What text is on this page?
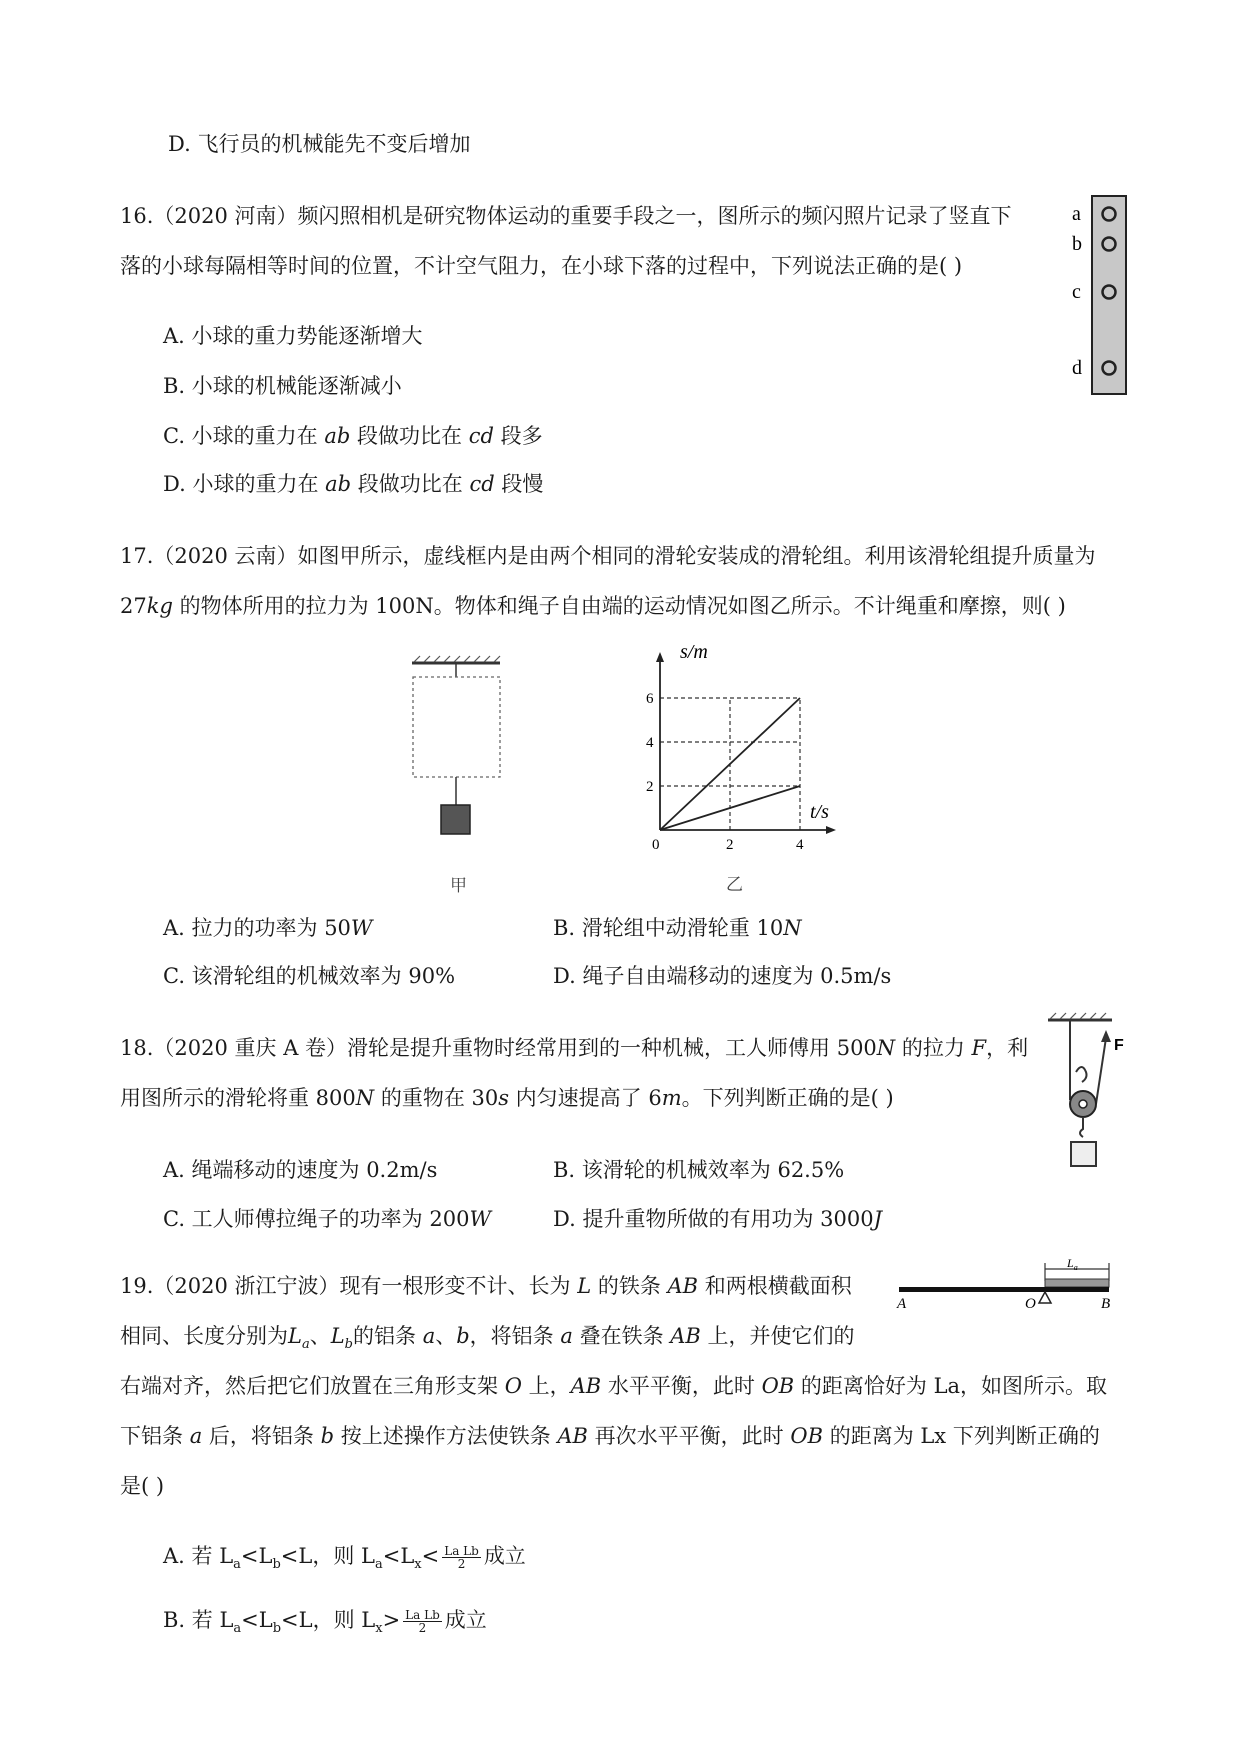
D. 飞行员的机械能先不变后增加
16.（2020 河南）频闪照相机是研究物体运动的重要手段之一，图所示的频闪照片记录了竖直下
落的小球每隔相等时间的位置，不计空气阻力，在小球下落的过程中，下列说法正确的是( )
A. 小球的重力势能逐渐增大
B. 小球的机械能逐渐减小
C. 小球的重力在 ab 段做功比在 cd 段多
D. 小球的重力在 ab 段做功比在 cd 段慢
a
b
c
d
17.（2020 云南）如图甲所示，虚线框内是由两个相同的滑轮安装成的滑轮组。利用该滑轮组提升质量为
27kg 的物体所用的拉力为 100N。物体和绳子自由端的运动情况如图乙所示。不计绳重和摩擦，则( )
甲
2
4
6
0	2	4
s/m
t/s
乙
A. 拉力的功率为 50W	B. 滑轮组中动滑轮重 10N
C. 该滑轮组的机械效率为 90%	D. 绳子自由端移动的速度为 0.5m/s
18.（2020 重庆 A 卷）滑轮是提升重物时经常用到的一种机械，工人师傅用 500N 的拉力 F，利
用图所示的滑轮将重 800N 的重物在 30s 内匀速提高了 6m。下列判断正确的是( )
F
A. 绳端移动的速度为 0.2m/s	B. 该滑轮的机械效率为 62.5%
C. 工人师傅拉绳子的功率为 200W	D. 提升重物所做的有用功为 3000J
19.（2020 浙江宁波）现有一根形变不计、长为 L 的铁条 AB 和两根横截面积
相同、长度分别为$L_a$、$L_b$的铝条 a、b，将铝条 a 叠在铁条 AB 上，并使它们的
右端对齐，然后把它们放置在三角形支架 O 上，AB 水平平衡，此时 OB 的距离恰好为 La，如图所示。取
下铝条 a 后，将铝条 b 按上述操作方法使铁条 AB 再次水平平衡，此时 OB 的距离为 Lx 下列判断正确的
是( )
$L_a$
A	O	B
A. 若 $L_a<L_b<L$，则 $L_a<L_x< \frac{\text{La Lb}}{2}$ 成立
B. 若 $L_a<L_b<L$，则 $L_x> \frac{\text{La Lb}}{2}$ 成立
